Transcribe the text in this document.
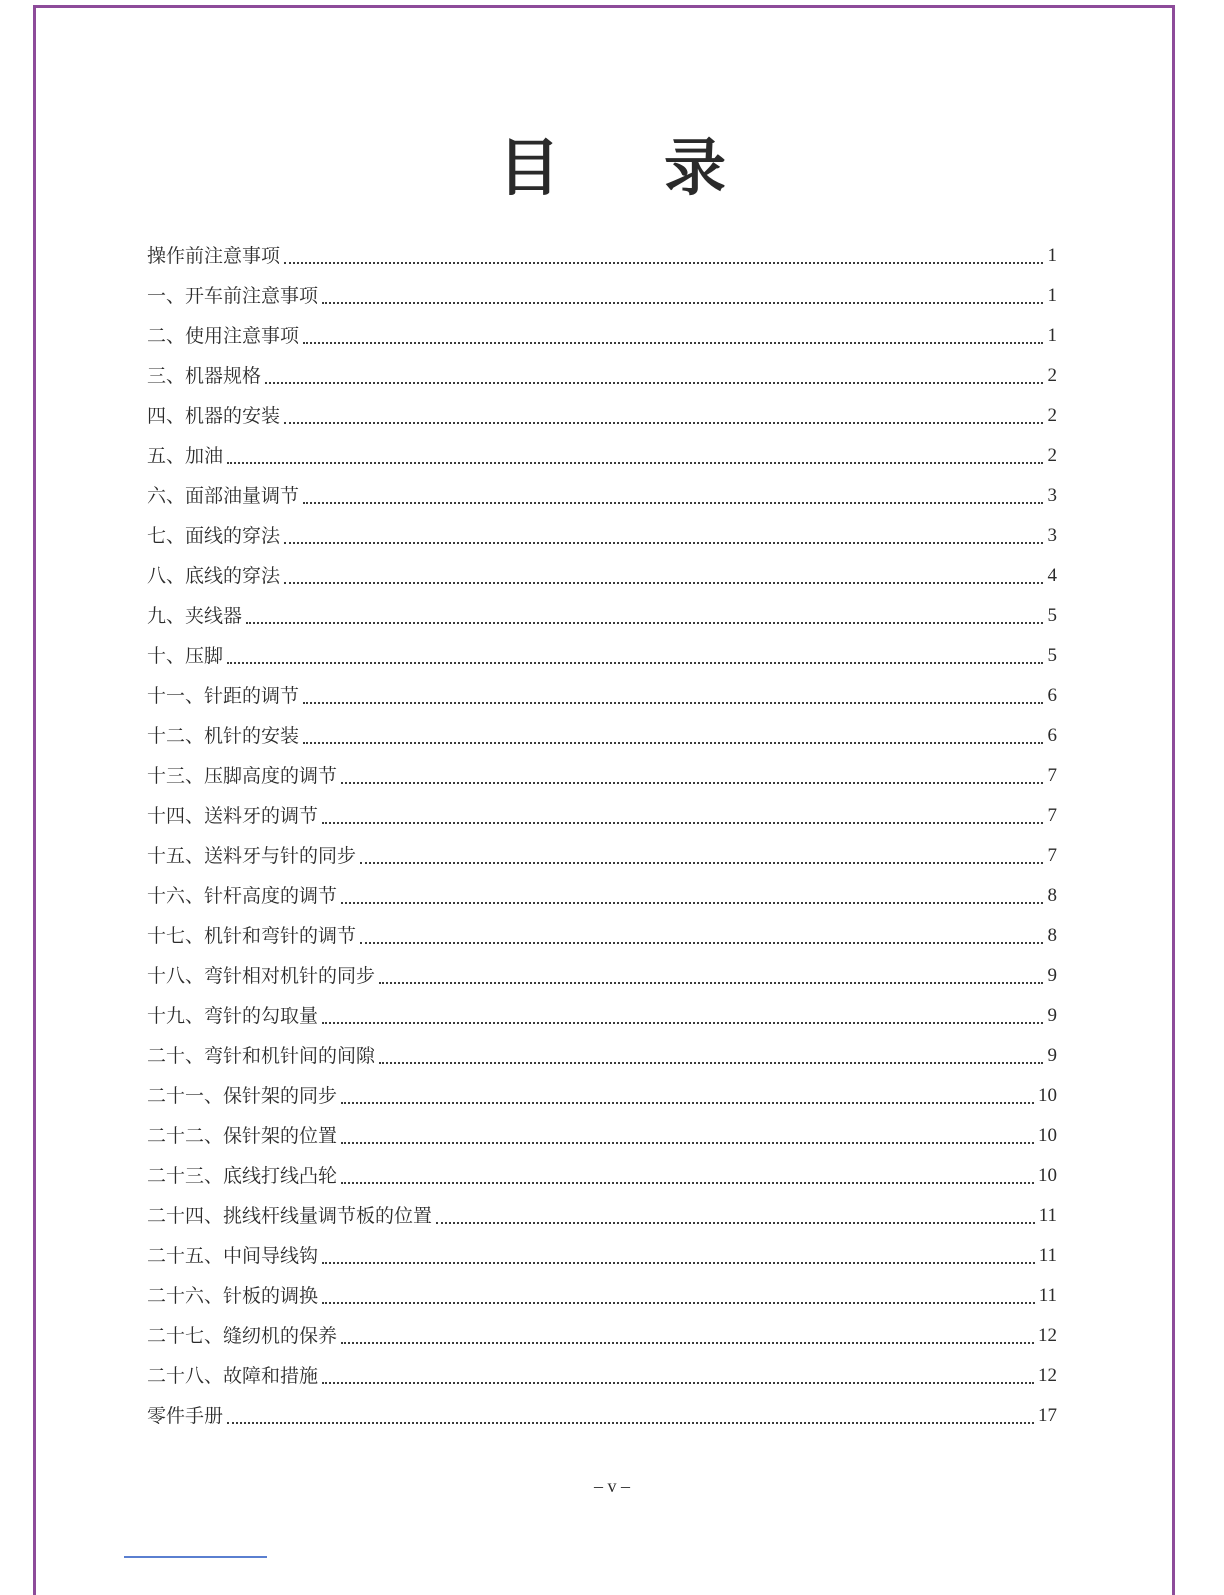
目 录
操作前注意事项	1
一、开车前注意事项	1
二、使用注意事项	1
三、机器规格	2
四、机器的安装	2
五、加油	2
六、面部油量调节	3
七、面线的穿法	3
八、底线的穿法	4
九、夹线器	5
十、压脚	5
十一、针距的调节	6
十二、机针的安装	6
十三、压脚高度的调节	7
十四、送料牙的调节	7
十五、送料牙与针的同步	7
十六、针杆高度的调节	8
十七、机针和弯针的调节	8
十八、弯针相对机针的同步	9
十九、弯针的勾取量	9
二十、弯针和机针间的间隙	9
二十一、保针架的同步	10
二十二、保针架的位置	10
二十三、底线打线凸轮	10
二十四、挑线杆线量调节板的位置	11
二十五、中间导线钩	11
二十六、针板的调换	11
二十七、缝纫机的保养	12
二十八、故障和措施	12
零件手册	17
– v –
